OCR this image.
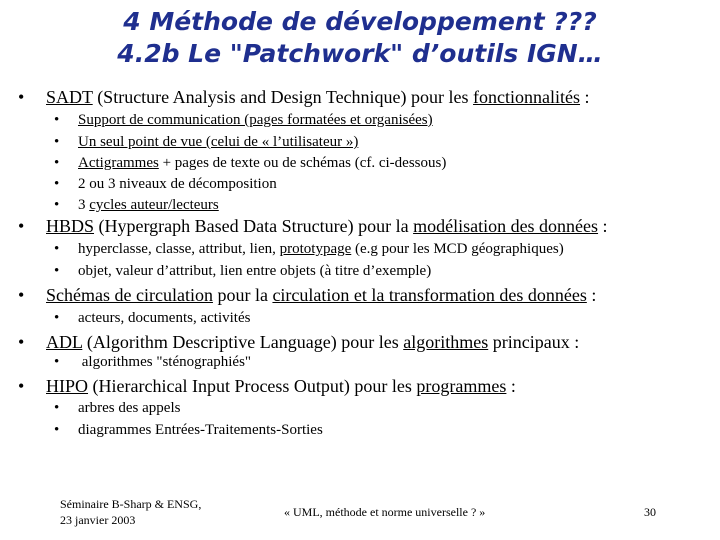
4 Méthode de développement ???
4.2b Le "Patchwork" d’outils IGN…
• SADT (Structure Analysis and Design Technique) pour les fonctionnalités :
• Support de communication (pages formatées et organisées)
• Un seul point de vue (celui de « l’utilisateur »)
• Actigrammes + pages de texte ou de schémas (cf. ci-dessous)
• 2 ou 3 niveaux de décomposition
• 3 cycles auteur/lecteurs
• HBDS (Hypergraph Based Data Structure) pour la modélisation des données :
• hyperclasse, classe, attribut, lien, prototypage (e.g pour les MCD géographiques)
• objet, valeur d’attribut, lien entre objets (à titre d’exemple)
• Schémas de circulation pour la circulation et la transformation des données :
• acteurs, documents, activités
• ADL (Algorithm Descriptive Language) pour les algorithmes principaux :
• algorithmes "sténographiés"
• HIPO (Hierarchical Input Process Output) pour les programmes :
• arbres des appels
• diagrammes Entrées-Traitements-Sorties
Séminaire B-Sharp & ENSG,
23 janvier 2003
« UML, méthode et norme universelle ? »	30
